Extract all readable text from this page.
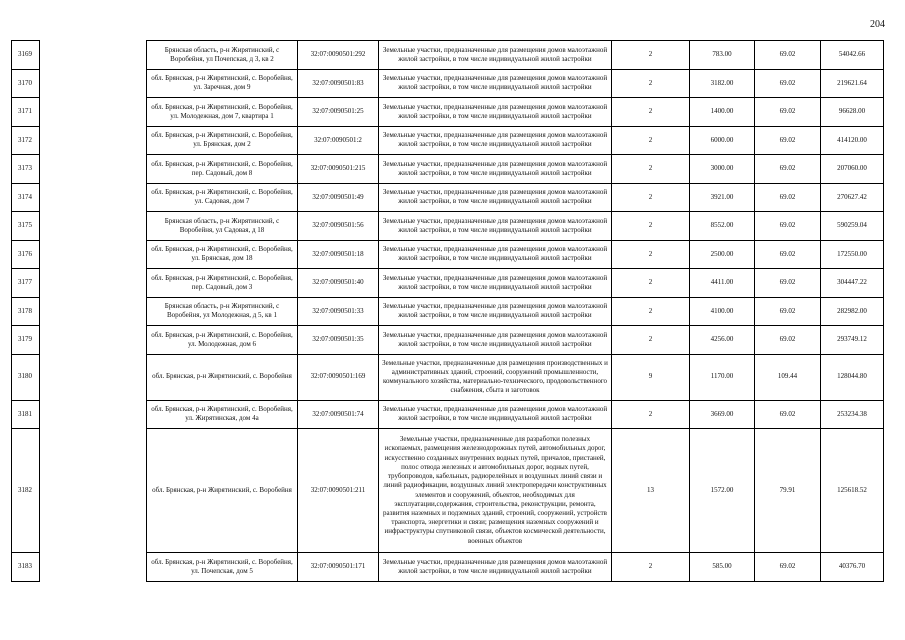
204
3169		Брянская область, р-н Жирятинский, с Воробейня, ул Почепская, д 3, кв 2	32:07:0090501:292	Земельные участки, предназначенные для размещения домов малоэтажной жилой застройки, в том числе индивидуальной жилой застройки	2	783.00	69.02	54042.66
3170		обл. Брянская, р-н Жирятинский, с. Воробейня, ул. Заречная, дом 9	32:07:0090501:83	Земельные участки, предназначенные для размещения домов малоэтажной жилой застройки, в том числе индивидуальной жилой застройки	2	3182.00	69.02	219621.64
3171		обл. Брянская, р-н Жирятинский, с. Воробейня, ул. Молодежная, дом 7, квартира 1	32:07:0090501:25	Земельные участки, предназначенные для размещения домов малоэтажной жилой застройки, в том числе индивидуальной жилой застройки	2	1400.00	69.02	96628.00
3172		обл. Брянская, р-н Жирятинский, с. Воробейня, ул. Брянская, дом 2	32:07:0090501:2	Земельные участки, предназначенные для размещения домов малоэтажной жилой застройки, в том числе индивидуальной жилой застройки	2	6000.00	69.02	414120.00
3173		обл. Брянская, р-н Жирятинский, с. Воробейня, пер. Садовый, дом 8	32:07:0090501:215	Земельные участки, предназначенные для размещения домов малоэтажной жилой застройки, в том числе индивидуальной жилой застройки	2	3000.00	69.02	207060.00
3174		обл. Брянская, р-н Жирятинский, с. Воробейня, ул. Садовая, дом 7	32:07:0090501:49	Земельные участки, предназначенные для размещения домов малоэтажной жилой застройки, в том числе индивидуальной жилой застройки	2	3921.00	69.02	270627.42
3175		Брянская область, р-н Жирятинский, с Воробейня, ул Садовая, д 18	32:07:0090501:56	Земельные участки, предназначенные для размещения домов малоэтажной жилой застройки, в том числе индивидуальной жилой застройки	2	8552.00	69.02	590259.04
3176		обл. Брянская, р-н Жирятинский, с. Воробейня, ул. Брянская, дом 18	32:07:0090501:18	Земельные участки, предназначенные для размещения домов малоэтажной жилой застройки, в том числе индивидуальной жилой застройки	2	2500.00	69.02	172550.00
3177		обл. Брянская, р-н Жирятинский, с. Воробейня, пер. Садовый, дом 3	32:07:0090501:40	Земельные участки, предназначенные для размещения домов малоэтажной жилой застройки, в том числе индивидуальной жилой застройки	2	4411.00	69.02	304447.22
3178		Брянская область, р-н Жирятинский, с Воробейня, ул Молодежная, д 5, кв 1	32:07:0090501:33	Земельные участки, предназначенные для размещения домов малоэтажной жилой застройки, в том числе индивидуальной жилой застройки	2	4100.00	69.02	282982.00
3179		обл. Брянская, р-н Жирятинский, с. Воробейня, ул. Молодежная, дом 6	32:07:0090501:35	Земельные участки, предназначенные для размещения домов малоэтажной жилой застройки, в том числе индивидуальной жилой застройки	2	4256.00	69.02	293749.12
3180		обл. Брянская, р-н Жирятинский, с. Воробейня	32:07:0090501:169	Земельные участки, предназначенные для размещения производственных и административных зданий, строений, сооружений промышленности, коммунального хозяйства, материально-технического, продовольственного снабжения, сбыта и заготовок	9	1170.00	109.44	128044.80
3181		обл. Брянская, р-н Жирятинский, с. Воробейня, ул. Жирятинская, дом 4а	32:07:0090501:74	Земельные участки, предназначенные для размещения домов малоэтажной жилой застройки, в том числе индивидуальной жилой застройки	2	3669.00	69.02	253234.38
3182		обл. Брянская, р-н Жирятинский, с. Воробейня	32:07:0090501:211	Земельные участки, предназначенные для разработки полезных ископаемых, размещения железнодорожных путей, автомобильных дорог, искусственно созданных внутренних водных путей, причалов, пристаней, полос отвода железных и автомобильных дорог, водных путей, трубопроводов, кабельных, радиорелейных и воздушных линий связи и линий радиофикации, воздушных линий электропередачи конструктивных элементов и сооружений, объектов, необходимых для эксплуатации,содержания, строительства, реконструкции, ремонта, развития наземных и подземных зданий, строений, сооружений, устройств транспорта, энергетики и связи; размещения наземных сооружений и инфраструктуры спутниковой связи, объектов космической деятельности, военных объектов	13	1572.00	79.91	125618.52
3183		обл. Брянская, р-н Жирятинский, с. Воробейня, ул. Почепская, дом 5	32:07:0090501:171	Земельные участки, предназначенные для размещения домов малоэтажной жилой застройки, в том числе индивидуальной жилой застройки	2	585.00	69.02	40376.70
